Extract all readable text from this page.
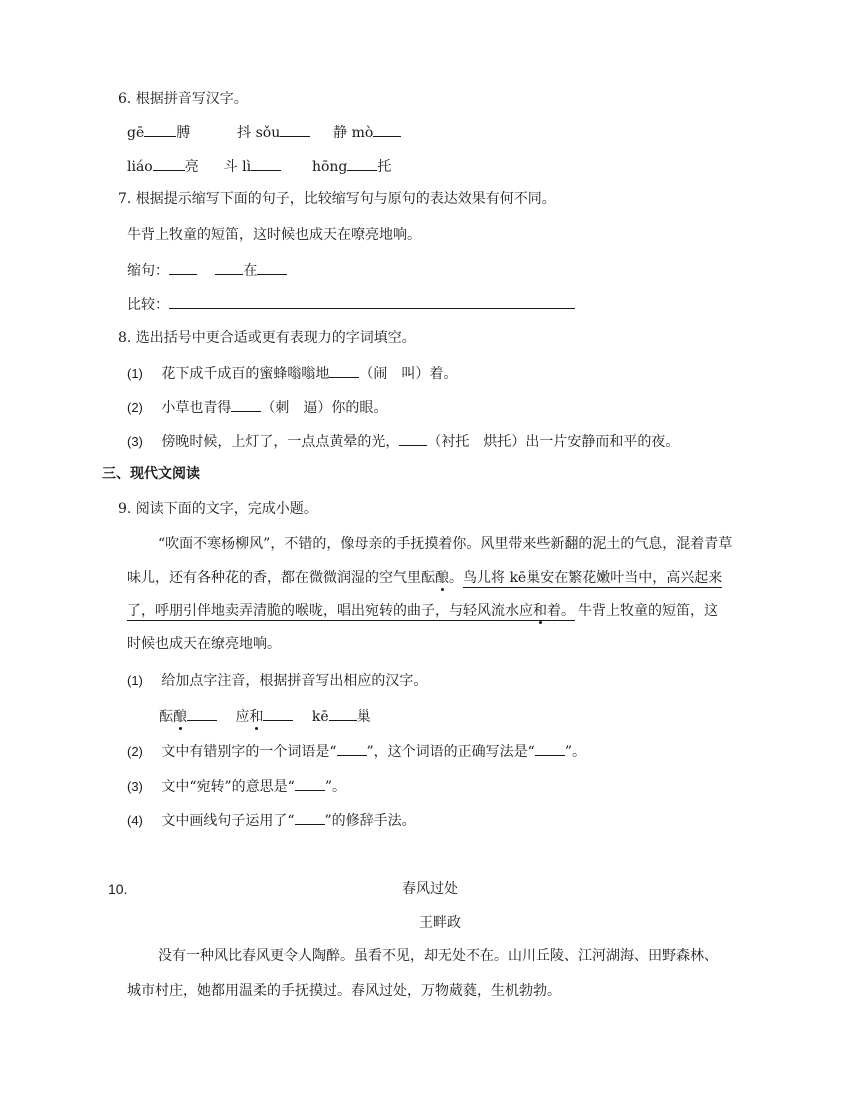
6. 根据拼音写汉字。
gē 膊	抖 sǒu	静 mò
liáo 亮 斗 lì	hōng 托
7. 根据提示缩写下面的句子，比较缩写句与原句的表达效果有何不同。
牛背上牧童的短笛，这时候也成天在嘹亮地响。
缩句：	在
比较：
8. 选出括号中更合适或更有表现力的字词填空。
(1) 花下成千成百的蜜蜂嗡嗡地 （闹　叫）着。
(2) 小草也青得 （刺　逼）你的眼。
(3) 傍晚时候，上灯了，一点点黄晕的光， （衬托　烘托）出一片安静而和平的夜。
三、现代文阅读
9. 阅读下面的文字，完成小题。
“吹面不寒杨柳风”，不错的，像母亲的手抚摸着你。风里带来些新翻的泥土的气息，混着青草
味儿，还有各种花的香，都在微微润湿的空气里酝酿。鸟儿将 kē巢安在繁花嫩叶当中，高兴起来
了，呼朋引伴地卖弄清脆的喉咙，唱出宛转的曲子，与轻风流水应和着。 牛背上牧童的短笛，这
时候也成天在缭亮地响。
(1) 给加点字注音，根据拼音写出相应的汉字。
酝酿	应和	kē 巢
(2) 文中有错别字的一个词语是“ ”，这个词语的正确写法是“ ”。
(3) 文中“宛转”的意思是“ ”。
(4) 文中画线句子运用了“ ”的修辞手法。
10.	春风过处
王畔政
没有一种风比春风更令人陶醉。虽看不见，却无处不在。山川丘陵、江河湖海、田野森林、
城市村庄，她都用温柔的手抚摸过。春风过处，万物葳蕤，生机勃勃。
